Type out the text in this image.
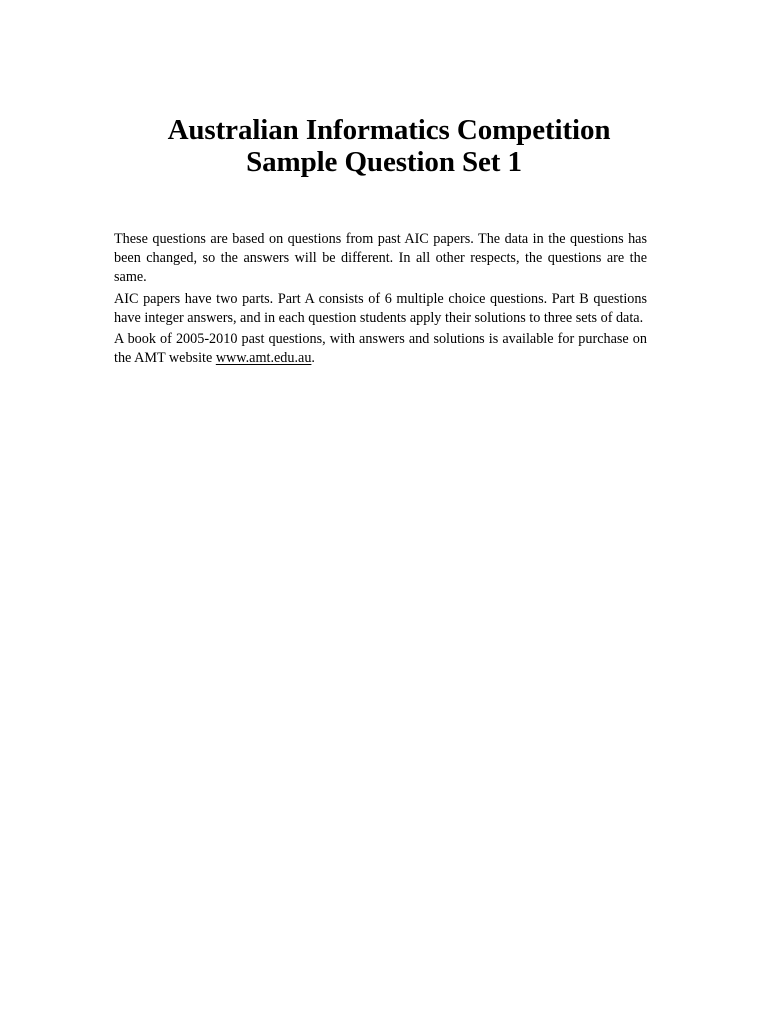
Australian Informatics Competition
Sample Question Set 1

These questions are based on questions from past AIC papers. The data in the questions has been changed, so the answers will be different. In all other respects, the questions are the same.

AIC papers have two parts. Part A consists of 6 multiple choice questions. Part B questions have integer answers, and in each question students apply their solutions to three sets of data.

A book of 2005-2010 past questions, with answers and solutions is available for purchase on the AMT website www.amt.edu.au.
